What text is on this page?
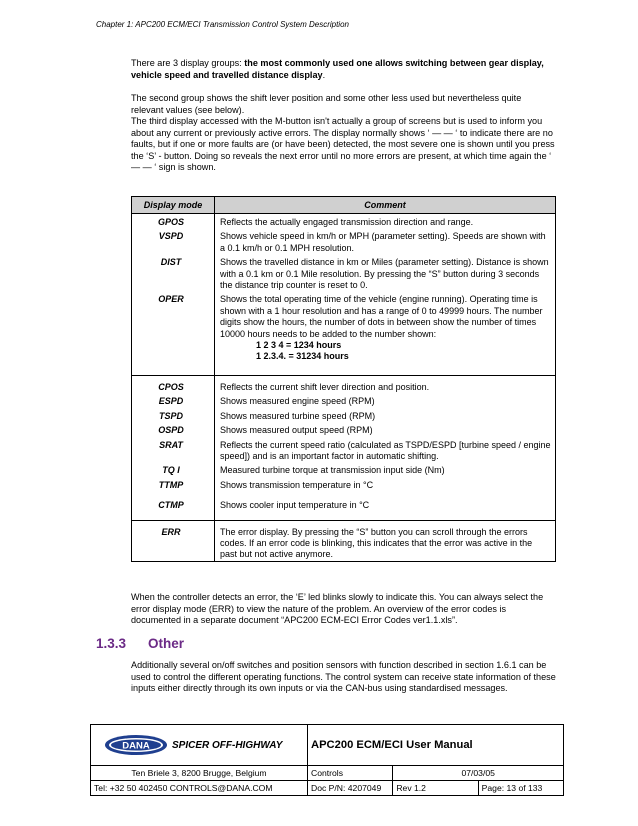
Chapter 1: APC200 ECM/ECI Transmission Control System Description

There are 3 display groups: the most commonly used one allows switching between gear display, vehicle speed and travelled distance display.

The second group shows the shift lever position and some other less used but nevertheless quite relevant values (see below).

The third display accessed with the M-button isn't actually a group of screens but is used to inform you about any current or previously active errors. The display normally shows ‘ — — ‘ to indicate there are no faults, but if one or more faults are (or have been) detected, the most severe one is shown until you press the ‘S’ - button. Doing so reveals the next error until no more errors are present, at which time again the ‘ — — ‘ sign is shown.

Display mode	Comment
GPOS	Reflects the actually engaged transmission direction and range.
VSPD	Shows vehicle speed in km/h or MPH (parameter setting). Speeds are shown with a 0.1 km/h or 0.1 MPH resolution.
DIST	Shows the travelled distance in km or Miles (parameter setting). Distance is shown with a 0.1 km or 0.1 Mile resolution. By pressing the “S” button during 3 seconds the distance trip counter is reset to 0.
OPER	Shows the total operating time of the vehicle (engine running). Operating time is shown with a 1 hour resolution and has a range of 0 to 49999 hours. The number digits show the hours, the number of dots in between show the number of times 10000 hours needs to be added to the number shown:
1 2 3 4 = 1234 hours
1 2.3.4. = 31234 hours

CPOS	Reflects the current shift lever direction and position.
ESPD	Shows measured engine speed (RPM)
TSPD	Shows measured turbine speed (RPM)
OSPD	Shows measured output speed (RPM)
SRAT	Reflects the current speed ratio (calculated as TSPD/ESPD [turbine speed / engine speed]) and is an important factor in automatic shifting.
TQ I	Measured turbine torque at transmission input side (Nm)
TTMP	Shows transmission temperature in °C
CTMP	Shows cooler input temperature in °C
ERR	The error display. By pressing the “S” button you can scroll through the errors codes. If an error code is blinking, this indicates that the error was active in the past but not active anymore.

When the controller detects an error, the ‘E’ led blinks slowly to indicate this. You can always select the error display mode (ERR) to view the nature of the problem. An overview of the error codes is documented in a separate document “APC200 ECM-ECI Error Codes ver1.1.xls”.

1.3.3 Other

Additionally several on/off switches and position sensors with function described in section 1.6.1 can be used to control the different operating functions. The control system can receive state information of these inputs either directly through its own inputs or via the CAN-bus using standardised messages.

DANA SPICER OFF-HIGHWAY	APC200 ECM/ECI User Manual		
Ten Briele 3, 8200 Brugge, Belgium	Controls	07/03/05	
Tel: +32 50 402450 CONTROLS@DANA.COM	Doc P/N: 4207049	Rev 1.2	Page: 13 of 133
